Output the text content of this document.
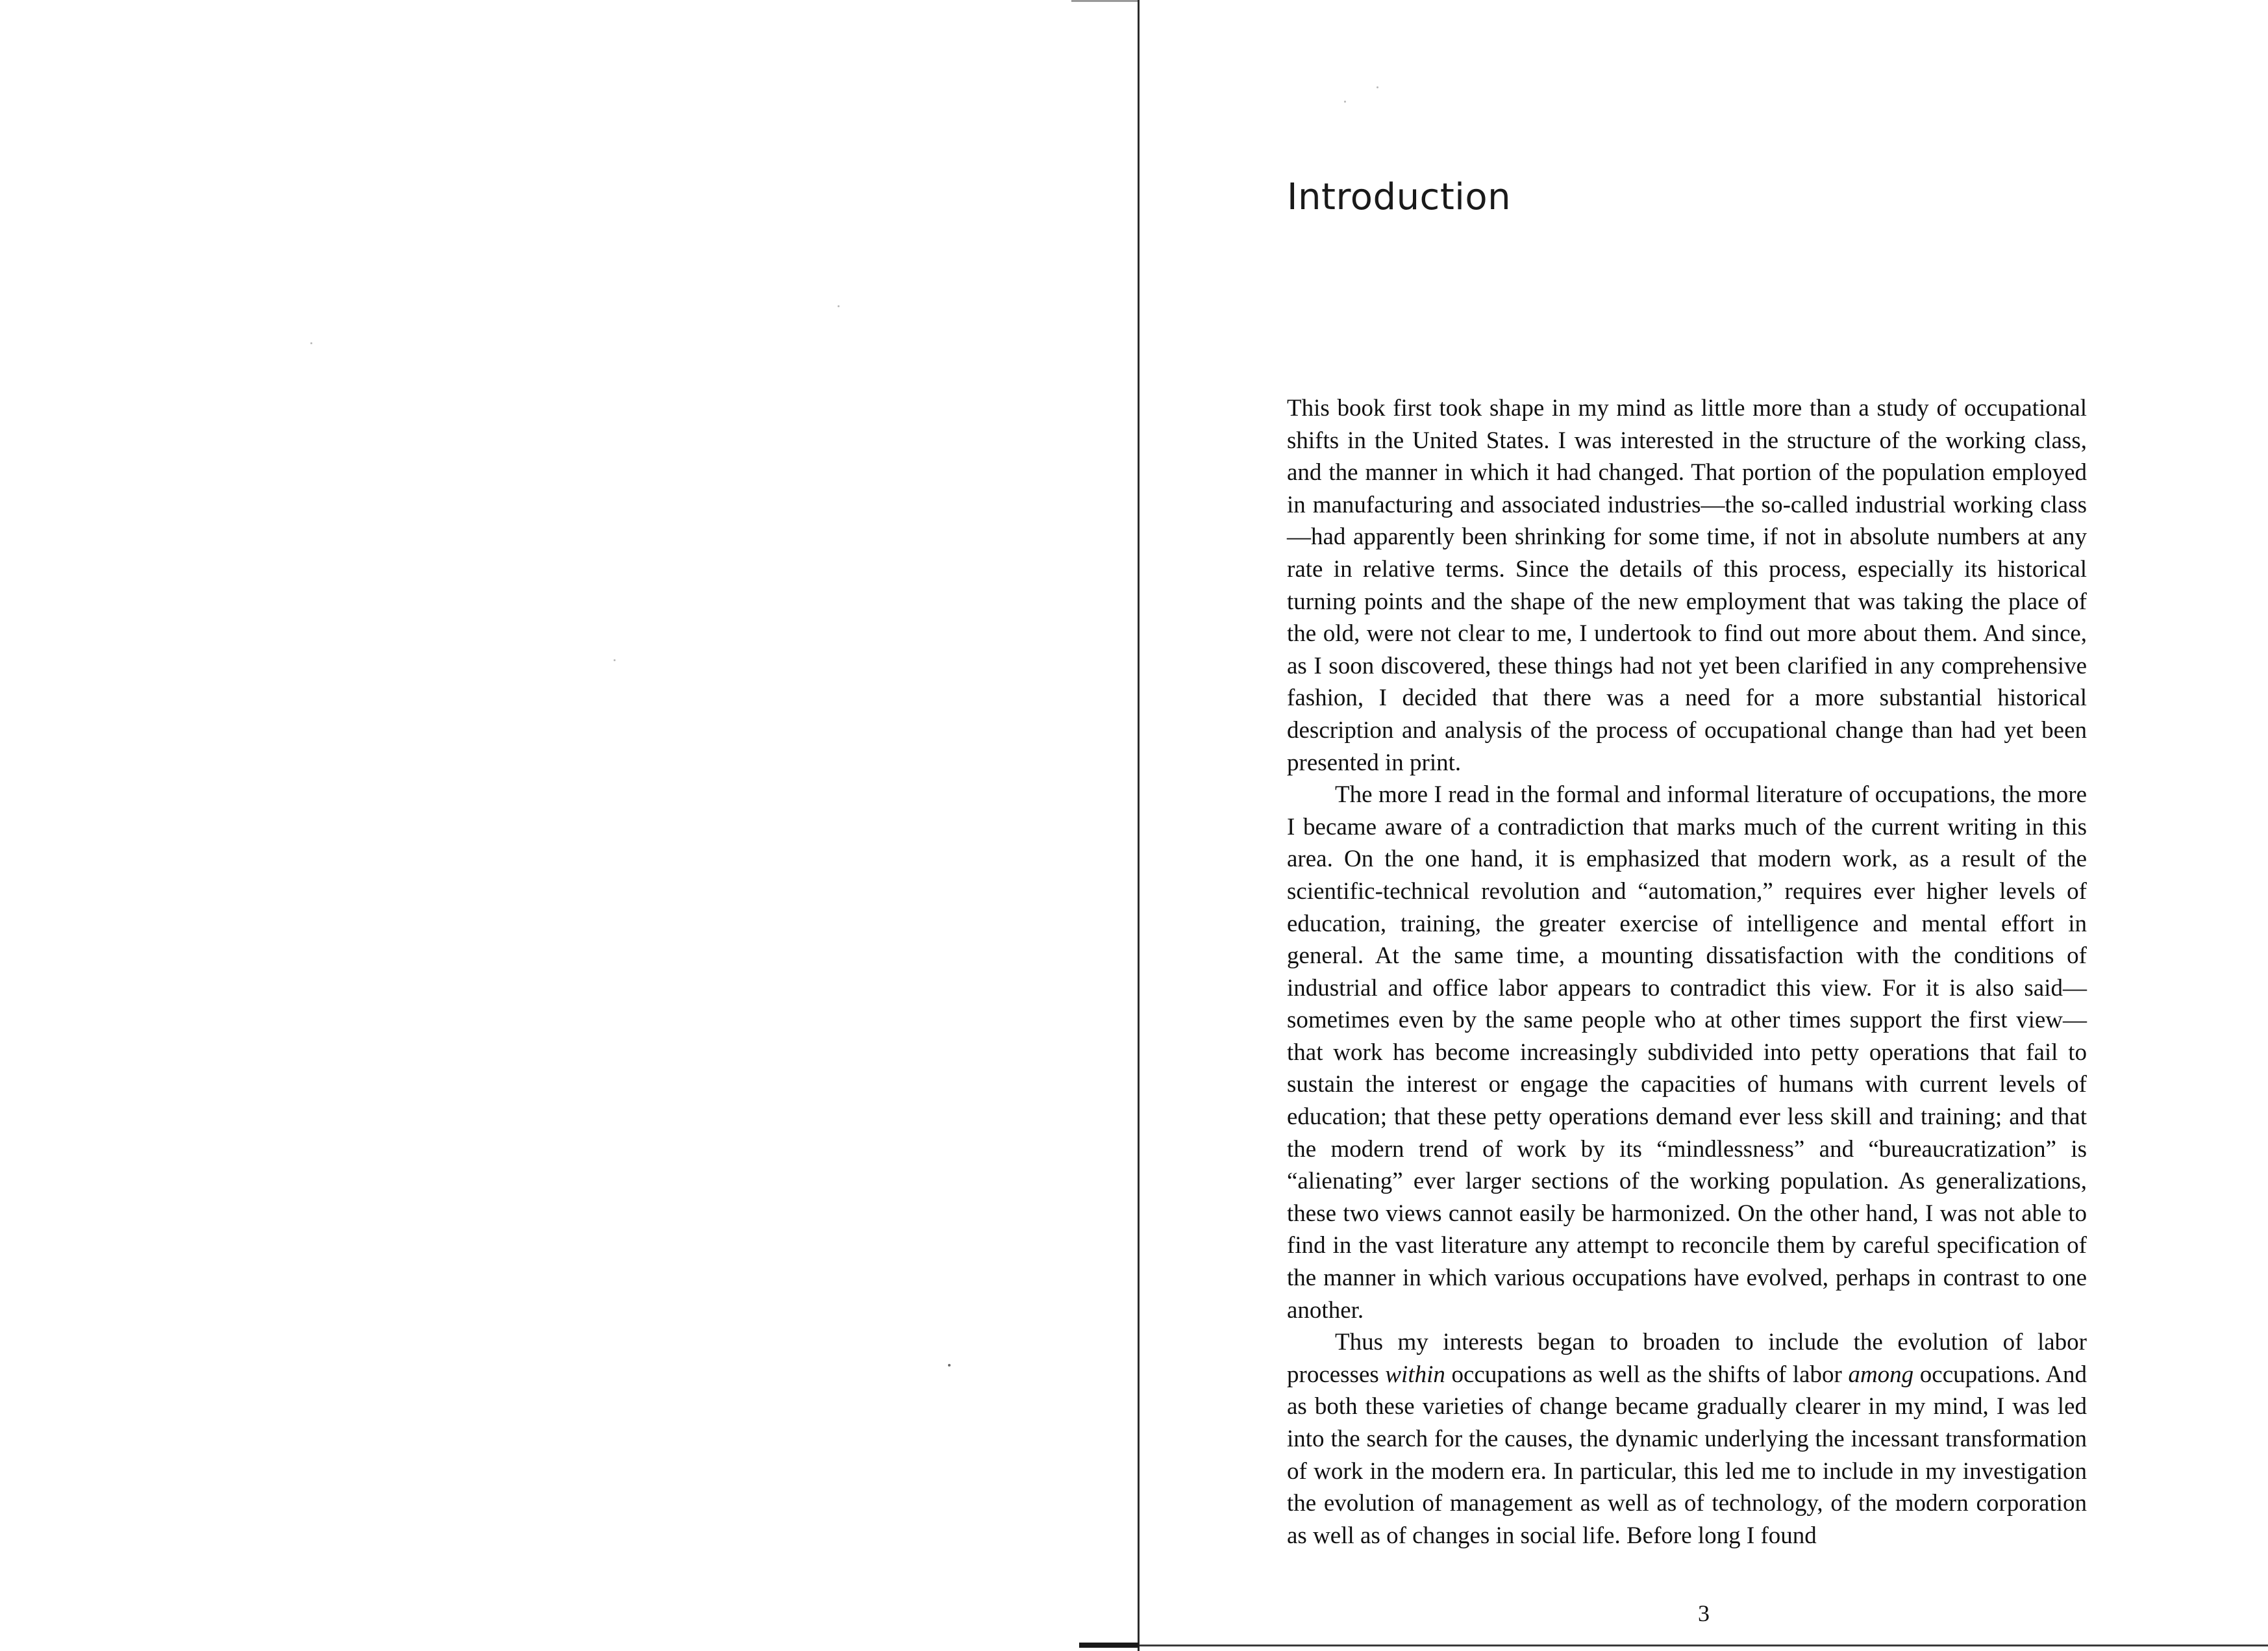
Introduction

This book first took shape in my mind as little more than a study of occupational shifts in the United States. I was interested in the structure of the working class, and the manner in which it had changed. That portion of the population employed in manufacturing and associated industries—the so-called industrial working class—had apparently been shrinking for some time, if not in absolute numbers at any rate in relative terms. Since the details of this process, especially its historical turning points and the shape of the new employment that was taking the place of the old, were not clear to me, I undertook to find out more about them. And since, as I soon discovered, these things had not yet been clarified in any comprehensive fashion, I decided that there was a need for a more substantial historical description and analysis of the process of occupational change than had yet been presented in print.

The more I read in the formal and informal literature of occupations, the more I became aware of a contradiction that marks much of the current writing in this area. On the one hand, it is emphasized that modern work, as a result of the scientific-technical revolution and “automation,” requires ever higher levels of education, training, the greater exercise of intelligence and mental effort in general. At the same time, a mounting dissatisfaction with the conditions of industrial and office labor appears to contradict this view. For it is also said—sometimes even by the same people who at other times support the first view—that work has become increasingly subdivided into petty operations that fail to sustain the interest or engage the capacities of humans with current levels of education; that these petty operations demand ever less skill and training; and that the modern trend of work by its “mindlessness” and “bureaucratization” is “alienating” ever larger sections of the working population. As generalizations, these two views cannot easily be harmonized. On the other hand, I was not able to find in the vast literature any attempt to reconcile them by careful specification of the manner in which various occupations have evolved, perhaps in contrast to one another.

Thus my interests began to broaden to include the evolution of labor processes within occupations as well as the shifts of labor among occupations. And as both these varieties of change became gradually clearer in my mind, I was led into the search for the causes, the dynamic underlying the incessant transformation of work in the modern era. In particular, this led me to include in my investigation the evolution of management as well as of technology, of the modern corporation as well as of changes in social life. Before long I found

3
